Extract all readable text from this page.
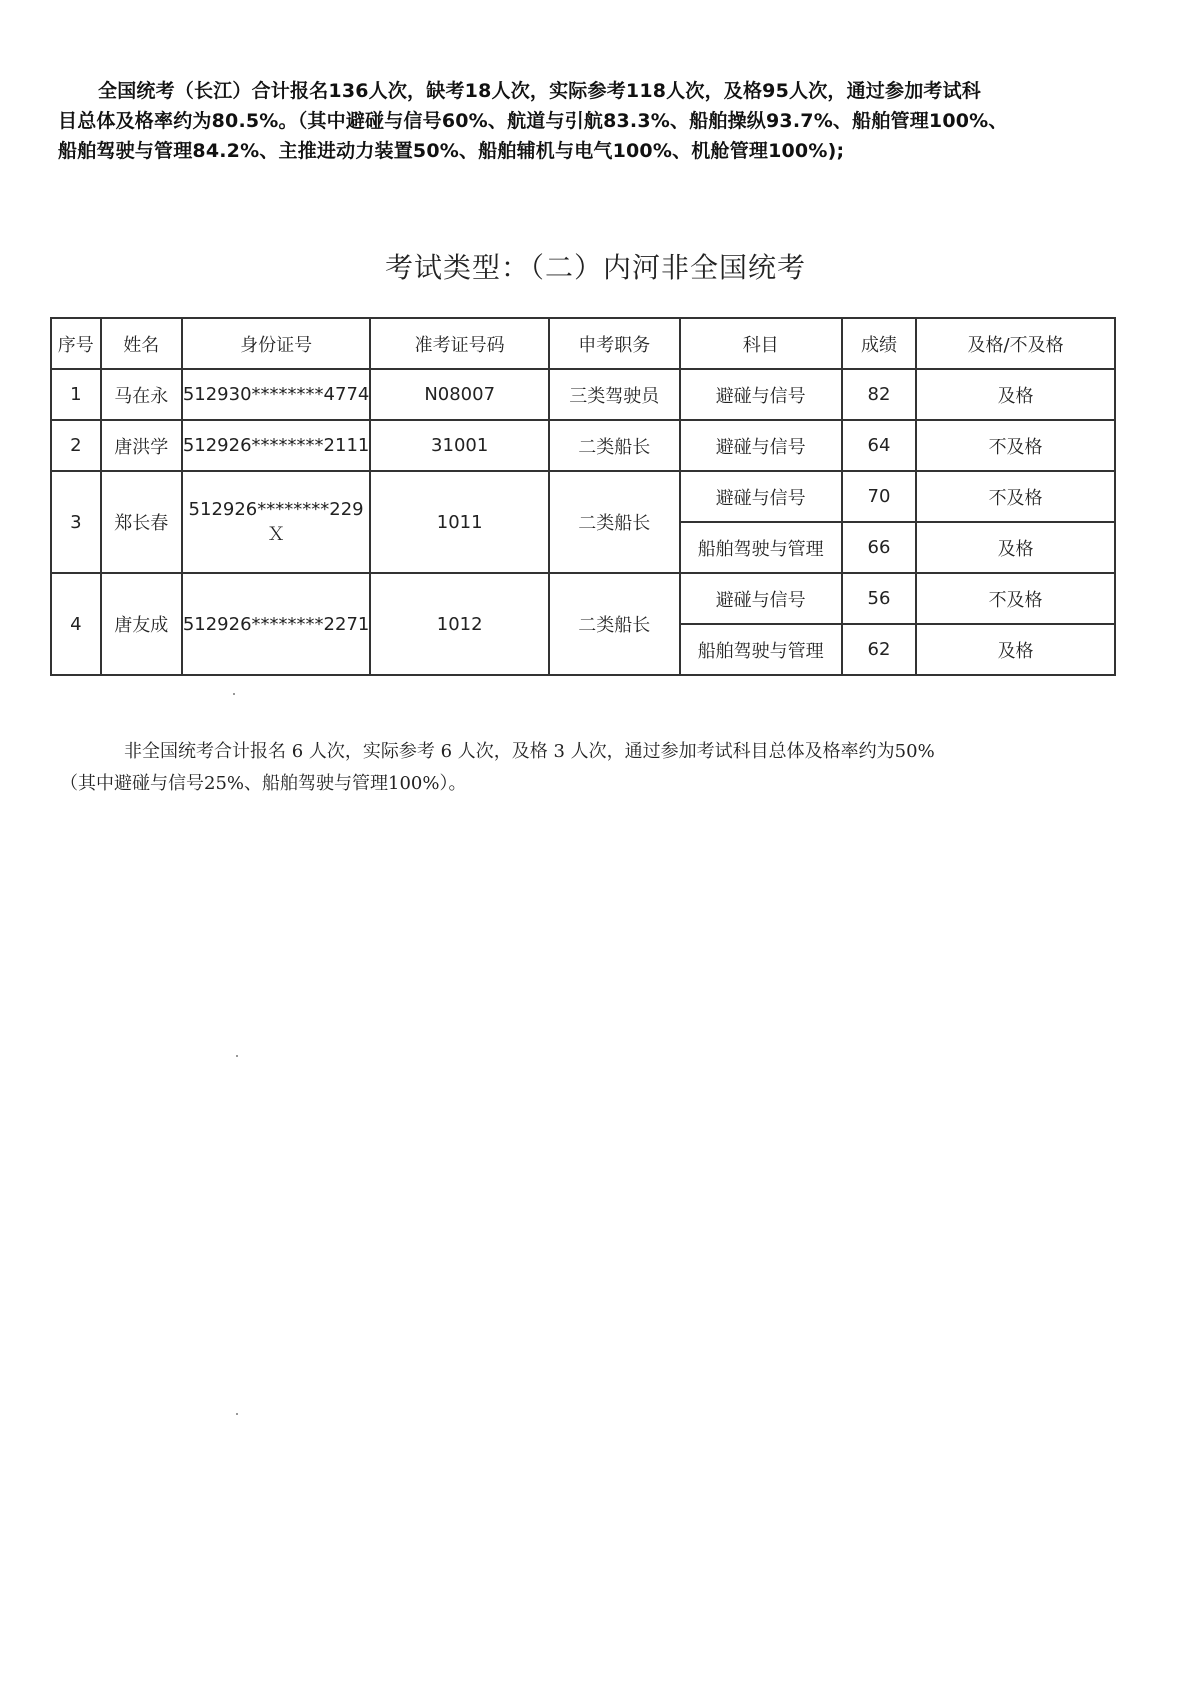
全国统考（长江）合计报名136人次，缺考18人次，实际参考118人次，及格95人次，通过参加考试科
目总体及格率约为80.5%。（其中避碰与信号60%、航道与引航83.3%、船舶操纵93.7%、船舶管理100%、
船舶驾驶与管理84.2%、主推进动力装置50%、船舶辅机与电气100%、机舱管理100%);

考试类型：（二）内河非全国统考
序号	姓名	身份证号	准考证号码	申考职务	科目	成绩	及格/不及格
1	马在永	512930********4774	N08007	三类驾驶员	避碰与信号	82	及格
2	唐洪学	512926********2111	31001	二类船长	避碰与信号	64	不及格
3	郑长春	512926********229Ｘ	1011	二类船长	避碰与信号	70	不及格
					船舶驾驶与管理	66	及格
4	唐友成	512926********2271	1012	二类船长	避碰与信号	56	不及格
					船舶驾驶与管理	62	及格

非全国统考合计报名 6 人次，实际参考 6 人次，及格 3 人次，通过参加考试科目总体及格率约为50%
（其中避碰与信号25%、船舶驾驶与管理100%）。
